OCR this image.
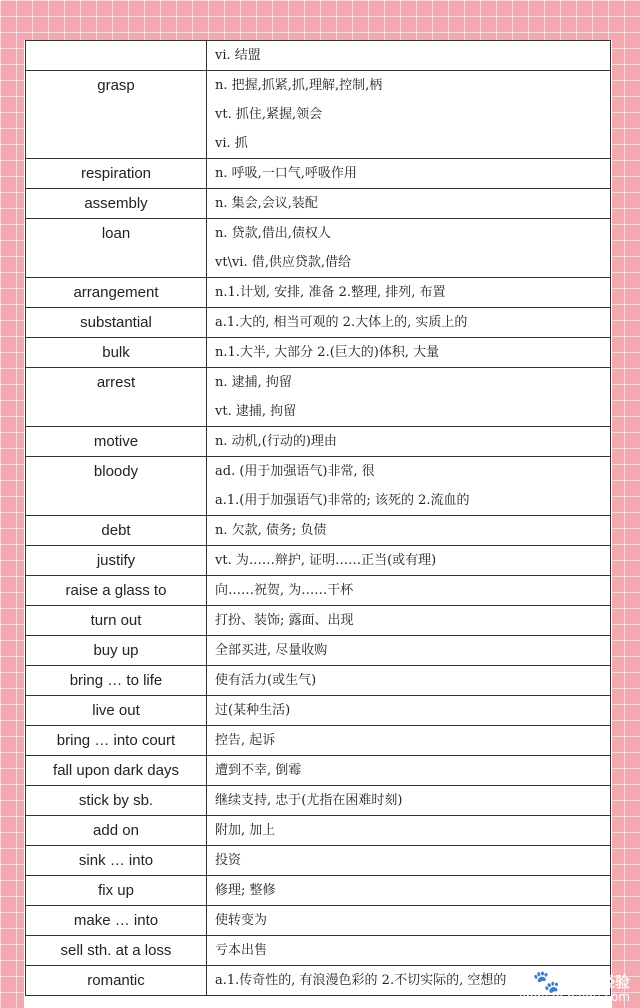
	vi. 结盟

grasp	n. 把握,抓紧,抓,理解,控制,柄
vt. 抓住,紧握,领会
vi. 抓

respiration	n. 呼吸,一口气,呼吸作用

assembly	n. 集会,会议,装配

loan	n. 贷款,借出,债权人
vt\vi. 借,供应贷款,借给

arrangement	n.1.计划, 安排, 准备 2.整理, 排列, 布置

substantial	a.1.大的, 相当可观的 2.大体上的, 实质上的

bulk	n.1.大半, 大部分 2.(巨大的)体积, 大量

arrest	n. 逮捕, 拘留
vt. 逮捕, 拘留

motive	n. 动机,(行动的)理由

bloody	ad. (用于加强语气)非常, 很
a.1.(用于加强语气)非常的; 该死的 2.流血的

debt	n. 欠款, 债务; 负债

justify	vt. 为……辩护, 证明……正当(或有理)

raise a glass to	向……祝贺, 为……干杯

turn out	打扮、装饰; 露面、出现

buy up	全部买进, 尽量收购

bring … to life	使有活力(或生气)

live out	过(某种生活)

bring … into court	控告, 起诉

fall upon dark days	遭到不幸, 倒霉

stick by sb.	继续支持, 忠于(尤指在困难时刻)

add on	附加, 加上

sink … into	投资

fix up	修理; 整修

make … into	使转变为

sell sth. at a loss	亏本出售

romantic	a.1.传奇性的, 有浪漫色彩的 2.不切实际的, 空想的	🐾 Bai 经验
jingyan.baidu.com
